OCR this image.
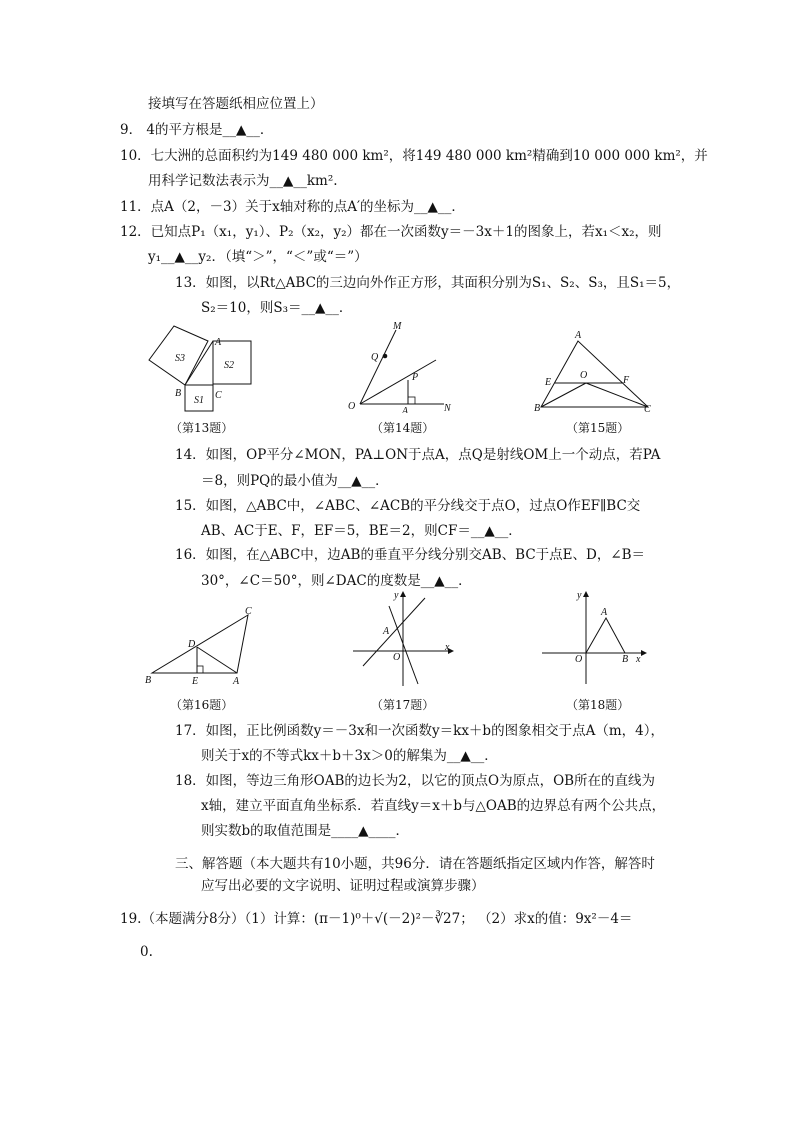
接填写在答题纸相应位置上）
9． 4的平方根是__▲__．
10．七大洲的总面积约为149 480 000 km²，将149 480 000 km²精确到10 000 000 km²，并
用科学记数法表示为__▲__km².
11．点A（2，－3）关于x轴对称的点A′的坐标为__▲__．
12．已知点P₁（x₁，y₁）、P₂（x₂，y₂）都在一次函数y＝－3x＋1的图象上，若x₁＜x₂，则
y₁__▲__y₂．（填“＞”，“＜”或“＝”）
13．如图，以Rt△ABC的三边向外作正方形，其面积分别为S₁、S₂、S₃，且S₁＝5，
S₂＝10，则S₃＝__▲__．
S3
S2
S1
A
B	C
M
Q
P
O	A	N
A
E
O	F
B	C
（第13题）	（第14题）	（第15题）
14．如图，OP平分∠MON，PA⊥ON于点A，点Q是射线OM上一个动点，若PA
＝8，则PQ的最小值为__▲__．
15．如图，△ABC中，∠ABC、∠ACB的平分线交于点O，过点O作EF∥BC交
AB、AC于E、F，EF＝5，BE＝2，则CF＝__▲__．
16．如图，在△ABC中，边AB的垂直平分线分别交AB、BC于点E、D，∠B＝
30°，∠C＝50°，则∠DAC的度数是__▲__．
C
D
B	E	A
y
A
O
x
y
A
O	B x
（第16题）	（第17题）	（第18题）
17．如图，正比例函数y＝－3x和一次函数y＝kx＋b的图象相交于点A（m，4），
则关于x的不等式kx＋b＋3x＞0的解集为__▲__．
18．如图，等边三角形OAB的边长为2，以它的顶点O为原点，OB所在的直线为
x轴，建立平面直角坐标系．若直线y＝x＋b与△OAB的边界总有两个公共点，
则实数b的取值范围是____▲____．
三、解答题（本大题共有10小题，共96分．请在答题纸指定区域内作答，解答时
应写出必要的文字说明、证明过程或演算步骤）
19.（本题满分8分）（1）计算：(π－1)⁰＋√(－2)²－∛27； （2）求x的值：9x²－4＝
0.
